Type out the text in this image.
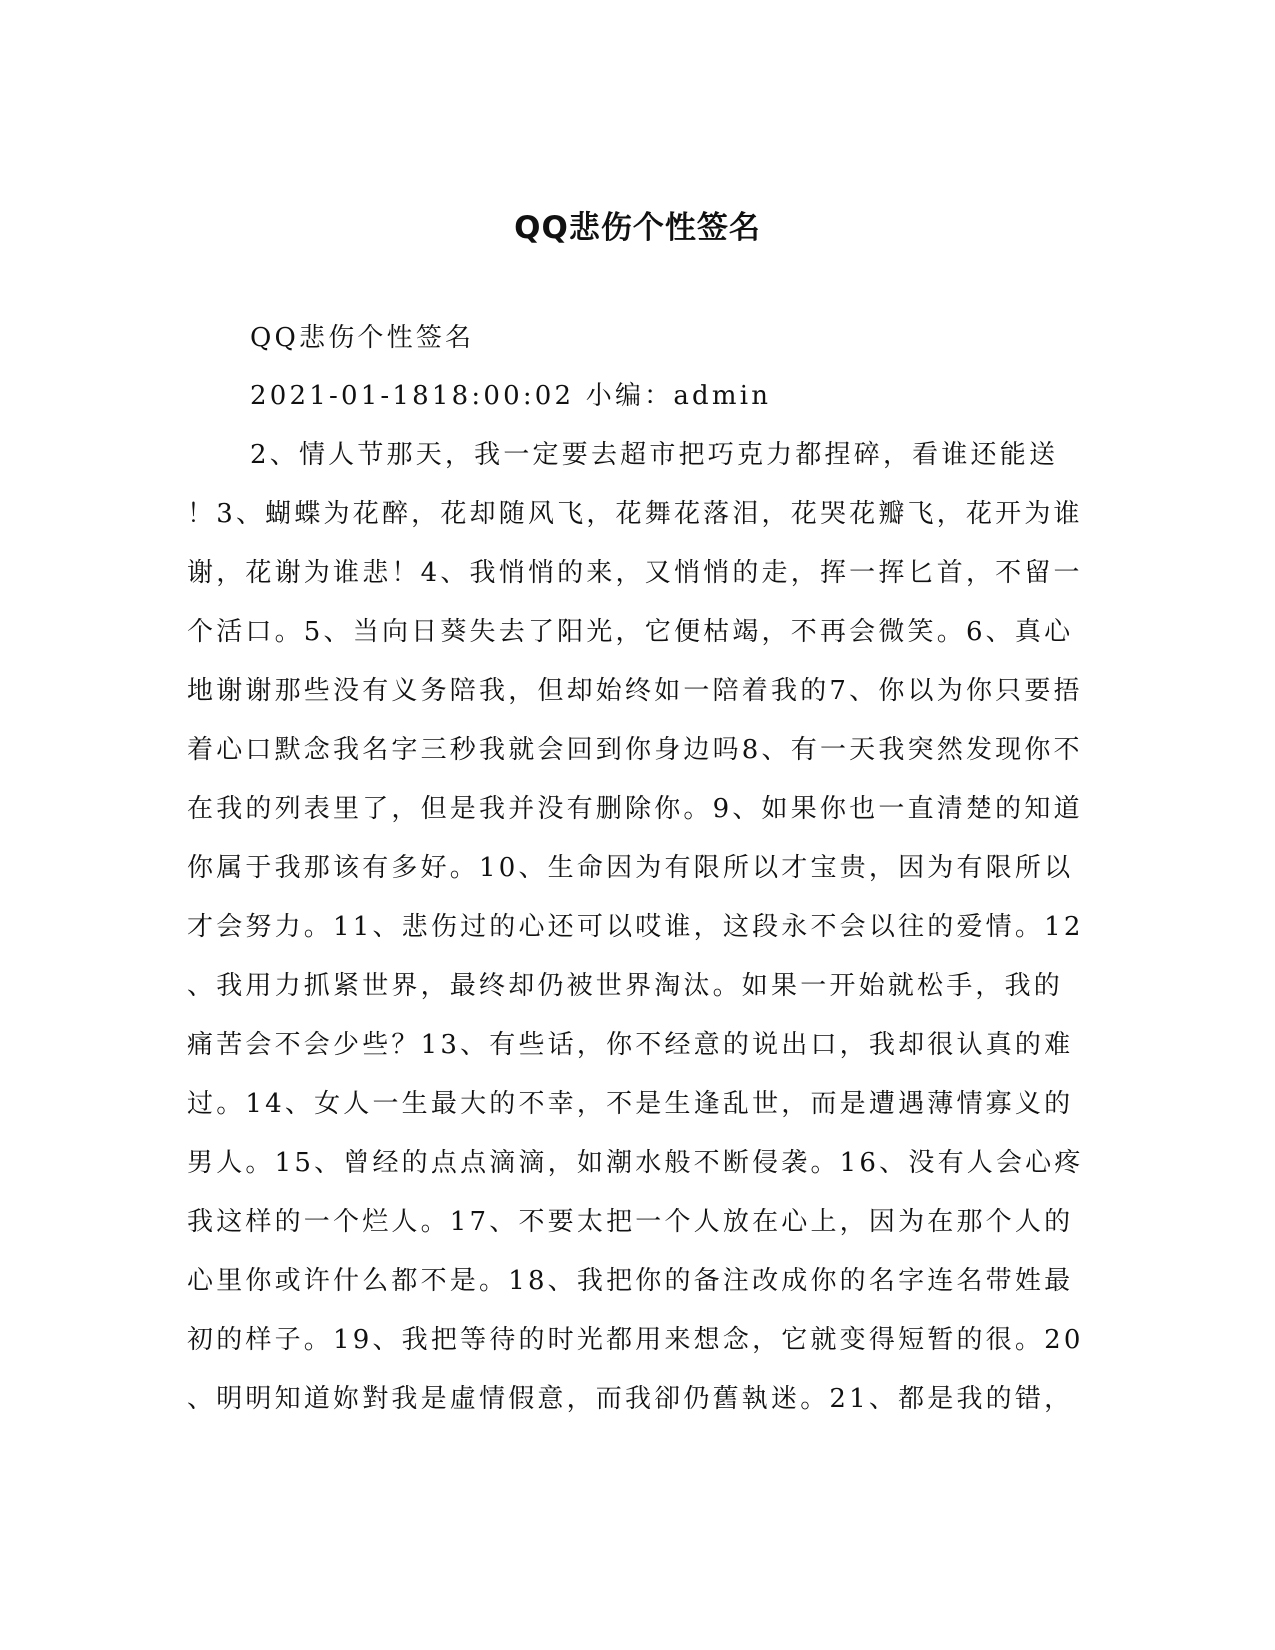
QQ悲伤个性签名

QQ悲伤个性签名

2021-01-1818:00:02 小编：admin

2、情人节那天，我一定要去超市把巧克力都捏碎，看谁还能送

！3、蝴蝶为花醉，花却随风飞，花舞花落泪，花哭花瓣飞，花开为谁

谢，花谢为谁悲！4、我悄悄的来，又悄悄的走，挥一挥匕首，不留一

个活口。5、当向日葵失去了阳光，它便枯竭，不再会微笑。6、真心

地谢谢那些没有义务陪我，但却始终如一陪着我的7、你以为你只要捂

着心口默念我名字三秒我就会回到你身边吗8、有一天我突然发现你不

在我的列表里了，但是我并没有删除你。9、如果你也一直清楚的知道

你属于我那该有多好。10、生命因为有限所以才宝贵，因为有限所以

才会努力。11、悲伤过的心还可以哎谁，这段永不会以往的爱情。12

、我用力抓紧世界，最终却仍被世界淘汰。如果一开始就松手，我的

痛苦会不会少些？13、有些话，你不经意的说出口，我却很认真的难

过。14、女人一生最大的不幸，不是生逢乱世，而是遭遇薄情寡义的

男人。15、曾经的点点滴滴，如潮水般不断侵袭。16、没有人会心疼

我这样的一个烂人。17、不要太把一个人放在心上，因为在那个人的

心里你或许什么都不是。18、我把你的备注改成你的名字连名带姓最

初的样子。19、我把等待的时光都用来想念，它就变得短暂的很。20

、明明知道妳對我是虛情假意，而我卻仍舊執迷。21、都是我的错，
